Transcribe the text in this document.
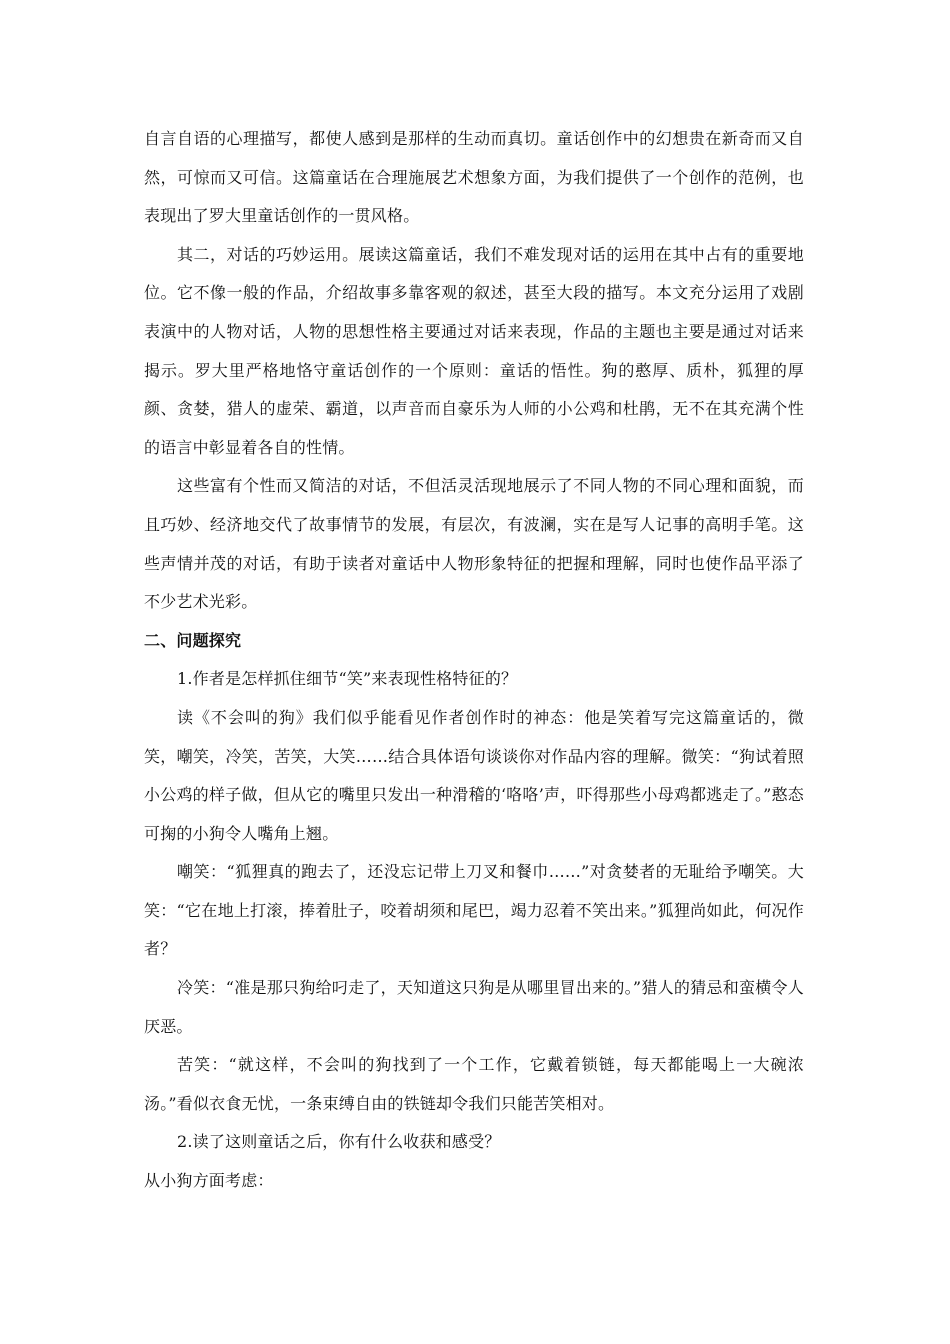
自言自语的心理描写，都使人感到是那样的生动而真切。童话创作中的幻想贵在新奇而又自然，可惊而又可信。这篇童话在合理施展艺术想象方面，为我们提供了一个创作的范例，也表现出了罗大里童话创作的一贯风格。

其二，对话的巧妙运用。展读这篇童话，我们不难发现对话的运用在其中占有的重要地位。它不像一般的作品，介绍故事多靠客观的叙述，甚至大段的描写。本文充分运用了戏剧表演中的人物对话，人物的思想性格主要通过对话来表现，作品的主题也主要是通过对话来揭示。罗大里严格地恪守童话创作的一个原则：童话的悟性。狗的憨厚、质朴，狐狸的厚颜、贪婪，猎人的虚荣、霸道，以声音而自豪乐为人师的小公鸡和杜鹃，无不在其充满个性的语言中彰显着各自的性情。

这些富有个性而又简洁的对话，不但活灵活现地展示了不同人物的不同心理和面貌，而且巧妙、经济地交代了故事情节的发展，有层次，有波澜，实在是写人记事的高明手笔。这些声情并茂的对话，有助于读者对童话中人物形象特征的把握和理解，同时也使作品平添了不少艺术光彩。

二、问题探究

1.作者是怎样抓住细节“笑”来表现性格特征的？

读《不会叫的狗》我们似乎能看见作者创作时的神态：他是笑着写完这篇童话的，微笑，嘲笑，冷笑，苦笑，大笑……结合具体语句谈谈你对作品内容的理解。微笑：“狗试着照小公鸡的样子做，但从它的嘴里只发出一种滑稽的‘咯咯’声，吓得那些小母鸡都逃走了。”憨态可掬的小狗令人嘴角上翘。

嘲笑：“狐狸真的跑去了，还没忘记带上刀叉和餐巾……”对贪婪者的无耻给予嘲笑。大笑：“它在地上打滚，捧着肚子，咬着胡须和尾巴，竭力忍着不笑出来。”狐狸尚如此，何况作者？

冷笑：“准是那只狗给叼走了，天知道这只狗是从哪里冒出来的。”猎人的猜忌和蛮横令人厌恶。

苦笑：“就这样，不会叫的狗找到了一个工作，它戴着锁链，每天都能喝上一大碗浓汤。”看似衣食无忧，一条束缚自由的铁链却令我们只能苦笑相对。

2.读了这则童话之后，你有什么收获和感受？

从小狗方面考虑：
